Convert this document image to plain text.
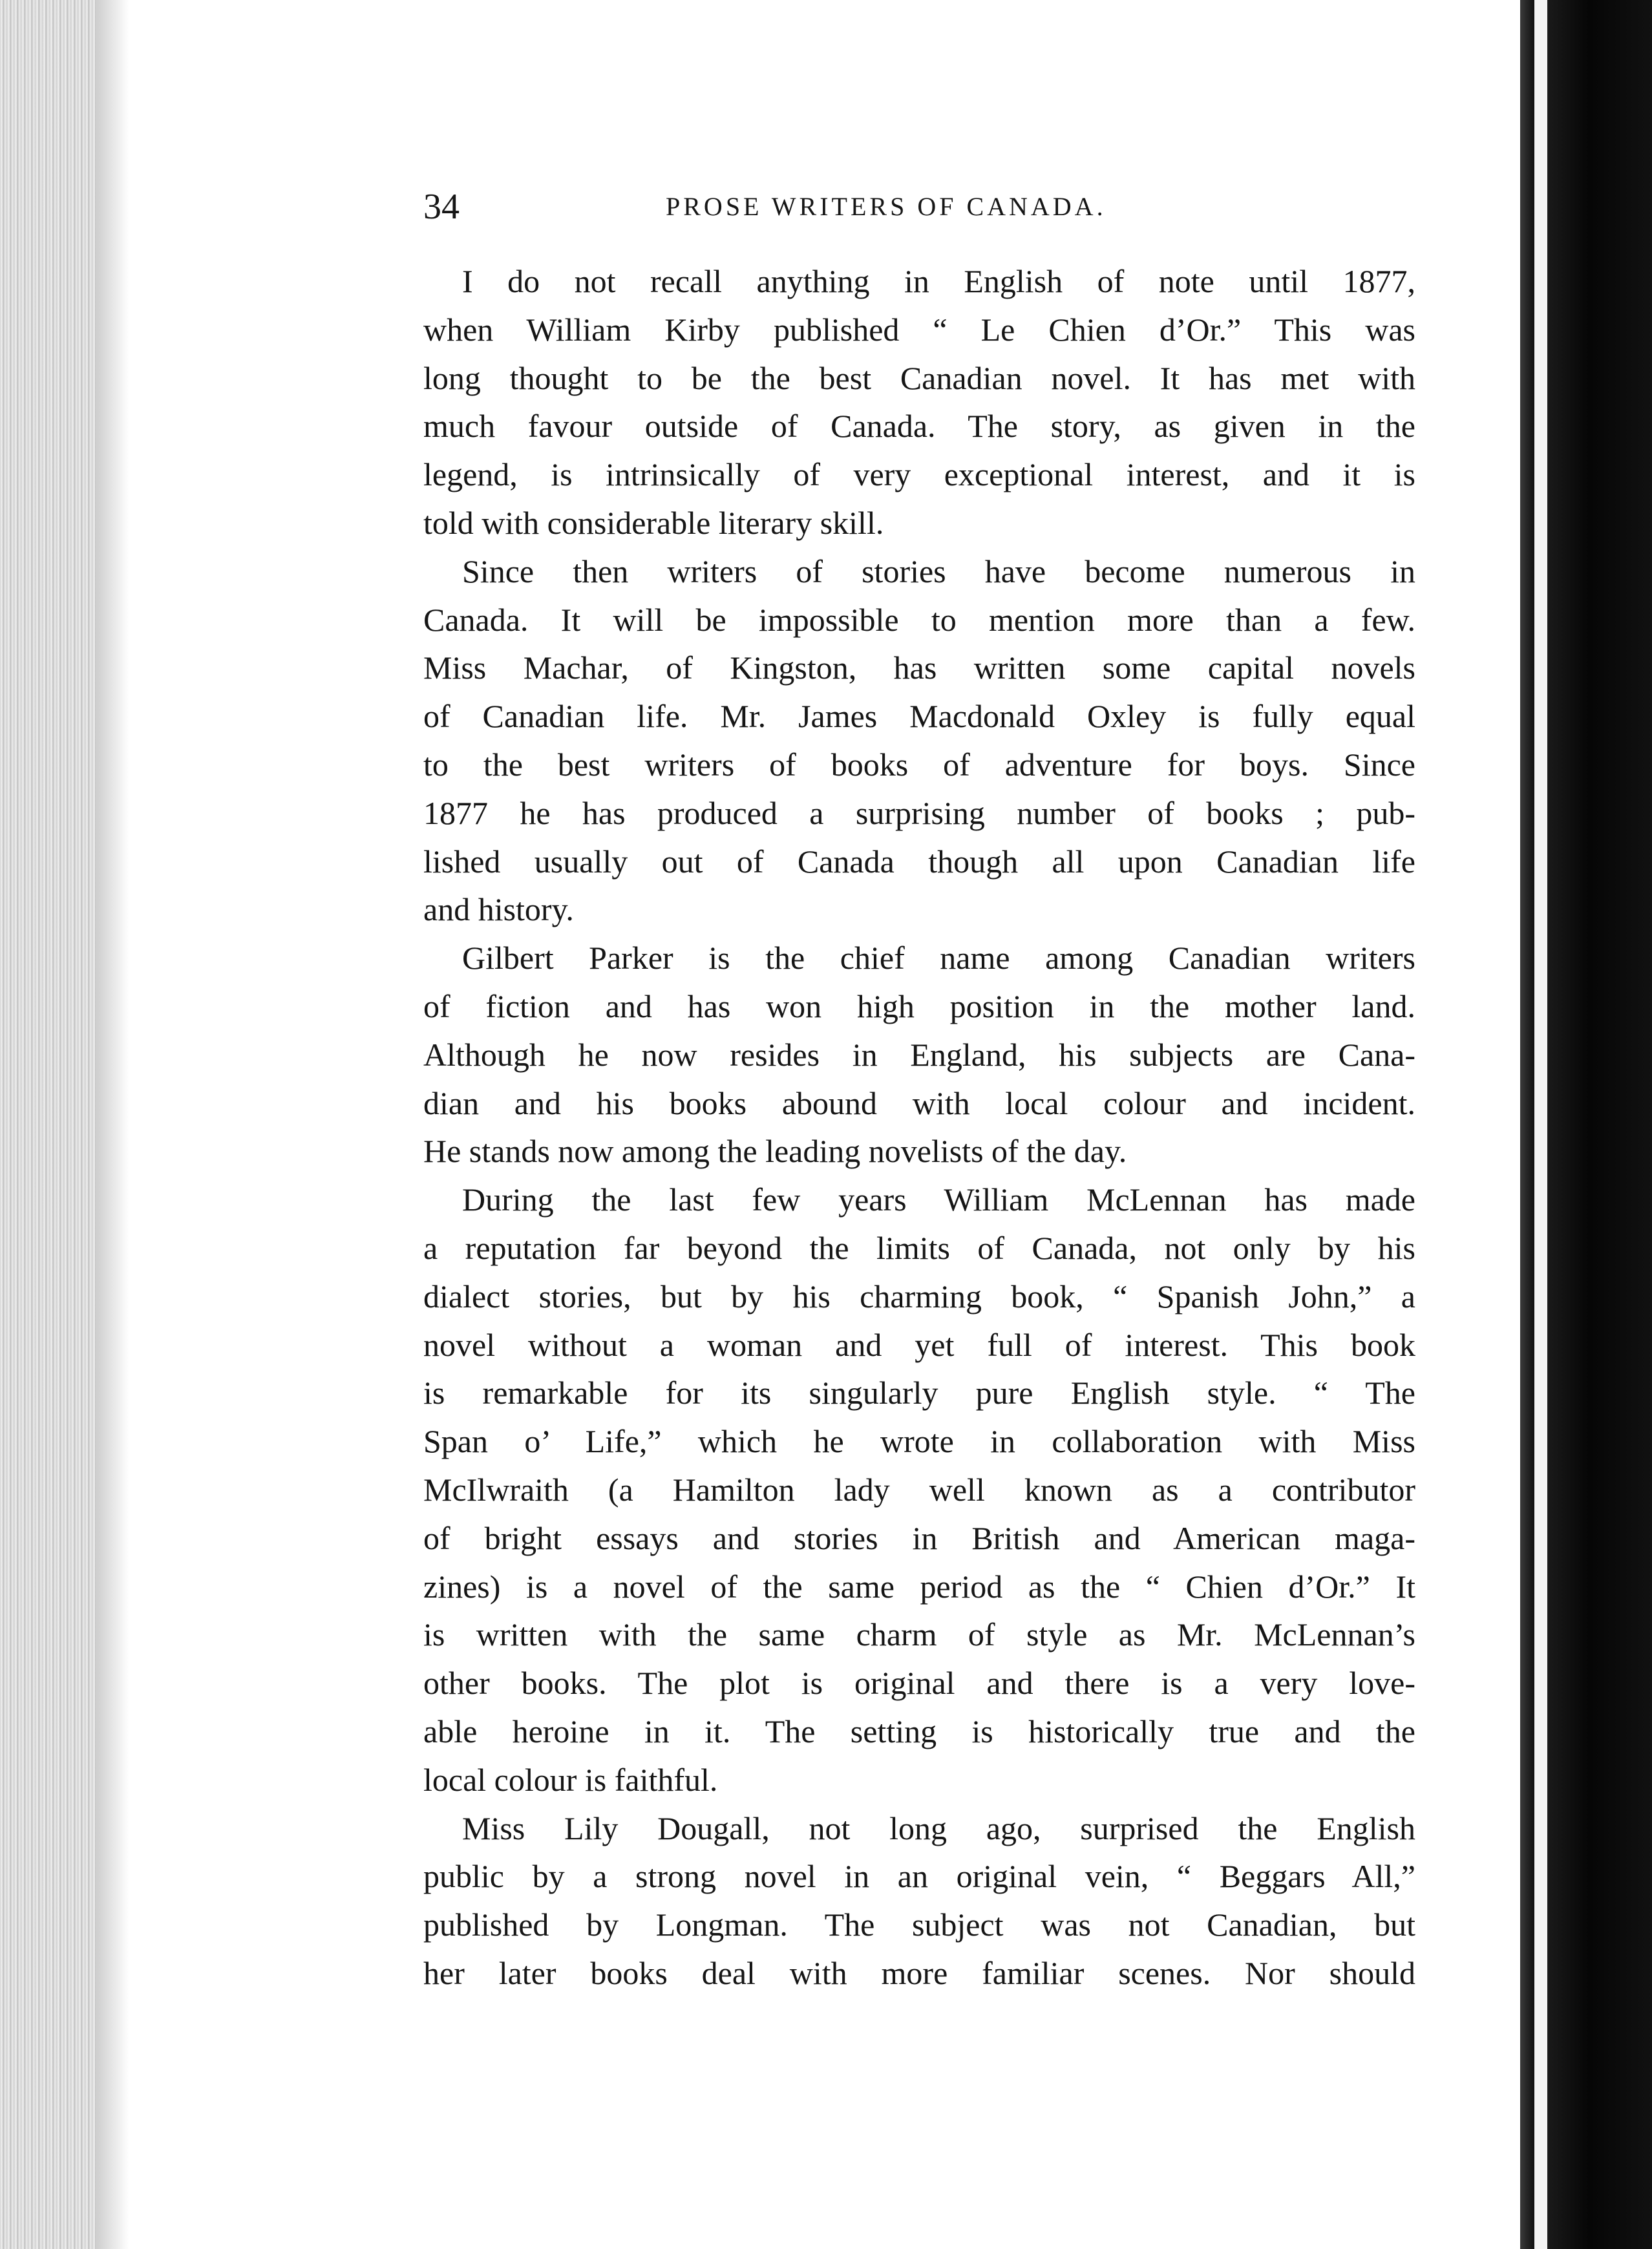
34	PROSE WRITERS OF CANADA.
I do not recall anything in English of note until 1877,
when William Kirby published “ Le Chien d’Or.” This was
long thought to be the best Canadian novel. It has met with
much favour outside of Canada. The story, as given in the
legend, is intrinsically of very exceptional interest, and it is
told with considerable literary skill.
Since then writers of stories have become numerous in
Canada. It will be impossible to mention more than a few.
Miss Machar, of Kingston, has written some capital novels
of Canadian life. Mr. James Macdonald Oxley is fully equal
to the best writers of books of adventure for boys. Since
1877 he has produced a surprising number of books ; pub-
lished usually out of Canada though all upon Canadian life
and history.
Gilbert Parker is the chief name among Canadian writers
of fiction and has won high position in the mother land.
Although he now resides in England, his subjects are Cana-
dian and his books abound with local colour and incident.
He stands now among the leading novelists of the day.
During the last few years William McLennan has made
a reputation far beyond the limits of Canada, not only by his
dialect stories, but by his charming book, “ Spanish John,” a
novel without a woman and yet full of interest. This book
is remarkable for its singularly pure English style. “ The
Span o’ Life,” which he wrote in collaboration with Miss
McIlwraith (a Hamilton lady well known as a contributor
of bright essays and stories in British and American maga-
zines) is a novel of the same period as the “ Chien d’Or.” It
is written with the same charm of style as Mr. McLennan’s
other books. The plot is original and there is a very love-
able heroine in it. The setting is historically true and the
local colour is faithful.
Miss Lily Dougall, not long ago, surprised the English
public by a strong novel in an original vein, “ Beggars All,”
published by Longman. The subject was not Canadian, but
her later books deal with more familiar scenes. Nor should
